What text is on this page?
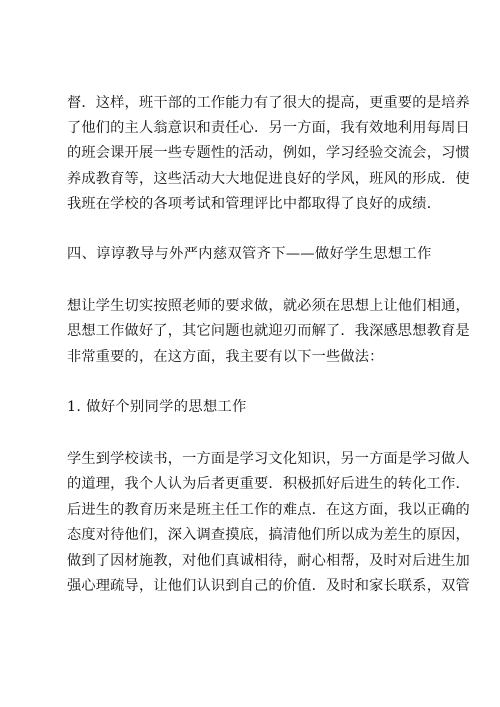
督．这样，班干部的工作能力有了很大的提高，更重要的是培养
了他们的主人翁意识和责任心．另一方面，我有效地利用每周日
的班会课开展一些专题性的活动，例如，学习经验交流会，习惯
养成教育等，这些活动大大地促进良好的学风，班风的形成．使
我班在学校的各项考试和管理评比中都取得了良好的成绩．
四、谆谆教导与外严内慈双管齐下——做好学生思想工作
想让学生切实按照老师的要求做，就必须在思想上让他们相通，
思想工作做好了，其它问题也就迎刃而解了．我深感思想教育是
非常重要的，在这方面，我主要有以下一些做法：
1. 做好个别同学的思想工作
学生到学校读书，一方面是学习文化知识，另一方面是学习做人
的道理，我个人认为后者更重要．积极抓好后进生的转化工作．
后进生的教育历来是班主任工作的难点．在这方面，我以正确的
态度对待他们，深入调查摸底，搞清他们所以成为差生的原因，
做到了因材施教，对他们真诚相待，耐心相帮，及时对后进生加
强心理疏导，让他们认识到自己的价值．及时和家长联系，双管
